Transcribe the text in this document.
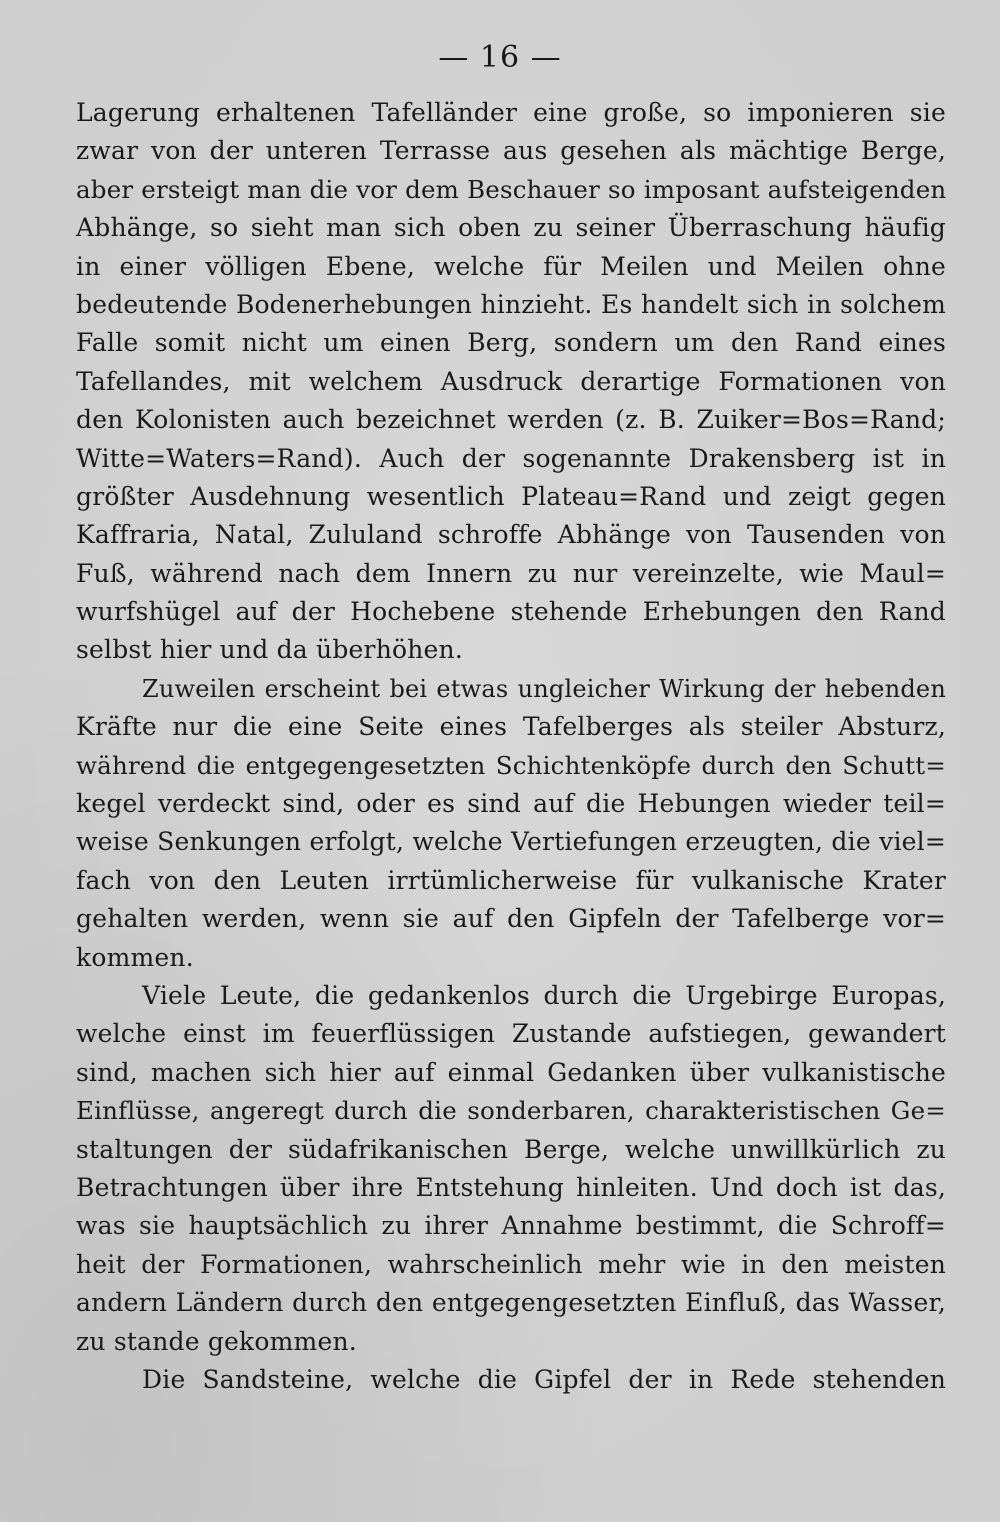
— 16 —
Lagerung erhaltenen Tafelländer eine große, so imponieren sie
zwar von der unteren Terrasse aus gesehen als mächtige Berge,
aber ersteigt man die vor dem Beschauer so imposant aufsteigenden
Abhänge, so sieht man sich oben zu seiner Überraschung häufig
in einer völligen Ebene, welche für Meilen und Meilen ohne
bedeutende Bodenerhebungen hinzieht. Es handelt sich in solchem
Falle somit nicht um einen Berg, sondern um den Rand eines
Tafellandes, mit welchem Ausdruck derartige Formationen von
den Kolonisten auch bezeichnet werden (z. B. Zuiker=Bos=Rand;
Witte=Waters=Rand). Auch der sogenannte Drakensberg ist in
größter Ausdehnung wesentlich Plateau=Rand und zeigt gegen
Kaffraria, Natal, Zululand schroffe Abhänge von Tausenden von
Fuß, während nach dem Innern zu nur vereinzelte, wie Maul=
wurfshügel auf der Hochebene stehende Erhebungen den Rand
selbst hier und da überhöhen.
Zuweilen erscheint bei etwas ungleicher Wirkung der hebenden
Kräfte nur die eine Seite eines Tafelberges als steiler Absturz,
während die entgegengesetzten Schichtenköpfe durch den Schutt=
kegel verdeckt sind, oder es sind auf die Hebungen wieder teil=
weise Senkungen erfolgt, welche Vertiefungen erzeugten, die viel=
fach von den Leuten irrtümlicherweise für vulkanische Krater
gehalten werden, wenn sie auf den Gipfeln der Tafelberge vor=
kommen.
Viele Leute, die gedankenlos durch die Urgebirge Europas,
welche einst im feuerflüssigen Zustande aufstiegen, gewandert
sind, machen sich hier auf einmal Gedanken über vulkanistische
Einflüsse, angeregt durch die sonderbaren, charakteristischen Ge=
staltungen der südafrikanischen Berge, welche unwillkürlich zu
Betrachtungen über ihre Entstehung hinleiten. Und doch ist das,
was sie hauptsächlich zu ihrer Annahme bestimmt, die Schroff=
heit der Formationen, wahrscheinlich mehr wie in den meisten
andern Ländern durch den entgegengesetzten Einfluß, das Wasser,
zu stande gekommen.
Die Sandsteine, welche die Gipfel der in Rede stehenden
